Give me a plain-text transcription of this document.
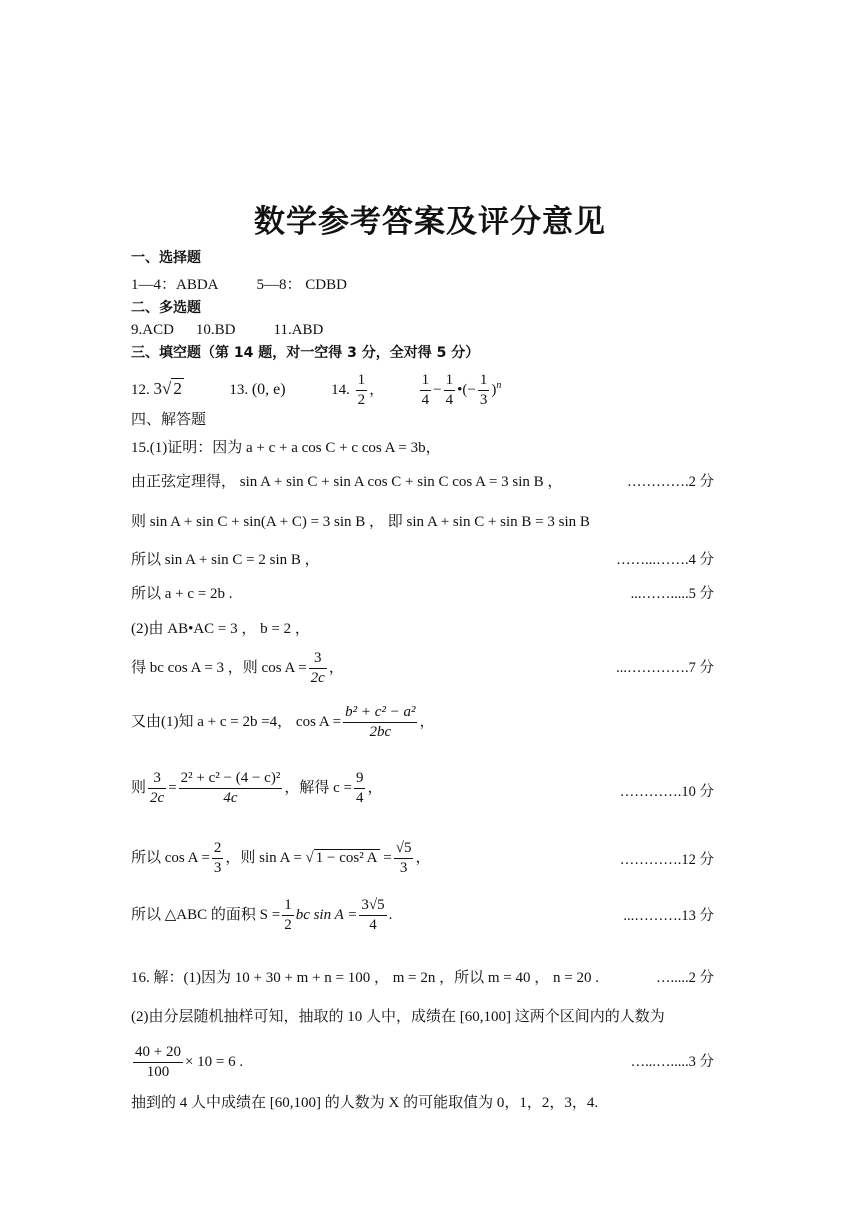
数学参考答案及评分意见
一、选择题
1—4：ABDA	5—8： CDBD
二、多选题
9.ACD 10.BD	11.ABD
三、填空题（第 14 题，对一空得 3 分，全对得 5 分）
12. 3√ 2	13. (0, e)	14. $\frac{1}{2}$ ， $\frac{1}{4} - \frac{1}{4}$ •(− $\frac{1}{3} )^n$
四、解答题
15.(1)证明：因为 a + c + a cos C + c cos A = 3b，
由正弦定理得， sin A + sin C + sin A cos C + sin C cos A = 3 sin B ，	………….2 分
则 sin A + sin C + sin(A + C) = 3 sin B ， 即 sin A + sin C + sin B = 3 sin B
所以 sin A + sin C = 2 sin B ，	……...…….4 分
所以 a + c = 2b .	...…….....5 分
(2)由 AB•AC = 3 ， b = 2 ，
得 bc cos A = 3 ，则 $\cos A = \frac{3}{2c}$ ，	...………….7 分
又由(1)知 a + c = 2b =4， $\cos A = \frac{\text{b² + c² − a²}}{2bc}$ ，
则 $\frac{3}{2c} = \frac{\text{2² + c² − (4 − c)²}}{4c}$ ，解得 $c = \frac{9}{4}$ ，	………….10 分
所以 $\cos A = \frac{2}{3}$ ，则 sin A = √ 1 − cos² $A = \frac{√5}{3}$ ，	………….12 分
所以 △ABC 的面积 $S = \frac{1}{2}$ bc $\sin A = \frac{3√5}{4}$ .	...……….13 分
16. 解：(1)因为 10 + 30 + m + n = 100 ， m = 2n ，所以 m = 40 ， n = 20 .	….....2 分
(2)由分层随机抽样可知，抽取的 10 人中，成绩在 [60,100] 这两个区间内的人数为
$\frac{40 + 20}{100} \times 10 = 6$ .	…...….....3 分
抽到的 4 人中成绩在 [60,100] 的人数为 X 的可能取值为 0，1，2，3，4.
